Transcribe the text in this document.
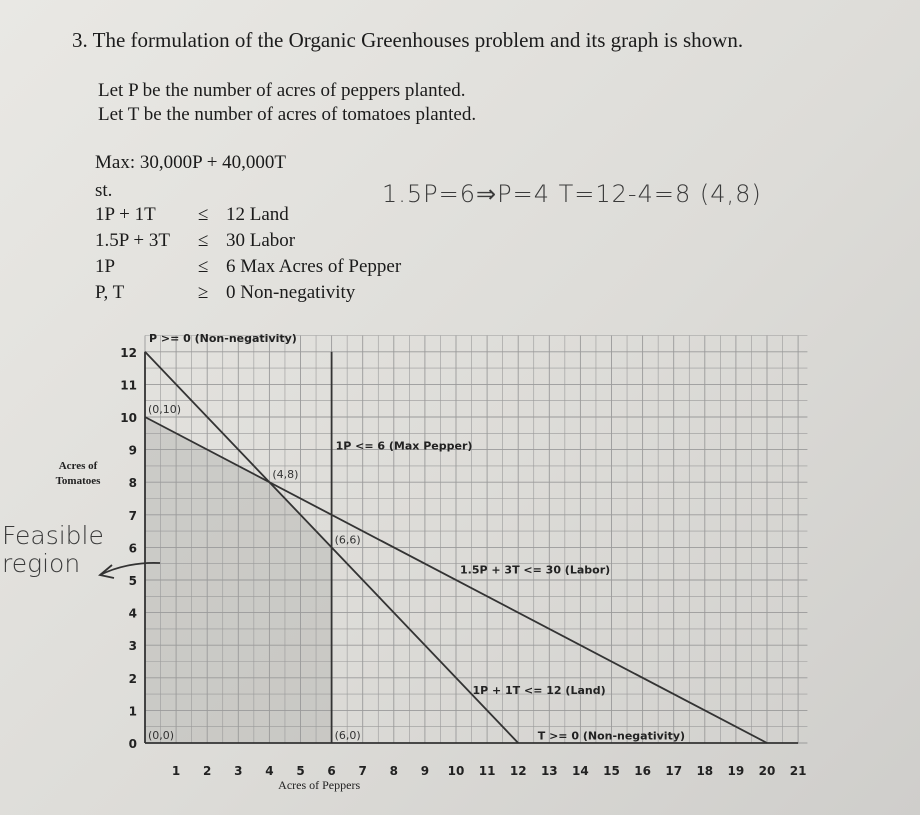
3. The formulation of the Organic Greenhouses problem and its graph is shown.
Let P be the number of acres of peppers planted.
Let T be the number of acres of tomatoes planted.
Max: 30,000P + 40,000T
st.
1P + 1T ≤ 12 Land
1.5P + 3T ≤ 30 Labor
1P	≤ 6 Max Acres of Pepper
P, T	≥ 0 Non-negativity
1.5P=6⇒P=4 T=12-4=8 (4,8)
1 2 3 4 5 6 7 8 9 10 11 12 13 14 15 16 17 18 19 20 21
1
2
3
4
5
6
7
8
9
10
11
12
0
(0,10)
(4,8)
(6,6)
(0,0)	(6,0)
P >= 0 (Non-negativity)
1P <= 6 (Max Pepper)
1.5P + 3T <= 30 (Labor)
1P + 1T <= 12 (Land)
T >= 0 (Non-negativity)
Acres of Peppers
Acres of
Tomatoes
Feasible
region
